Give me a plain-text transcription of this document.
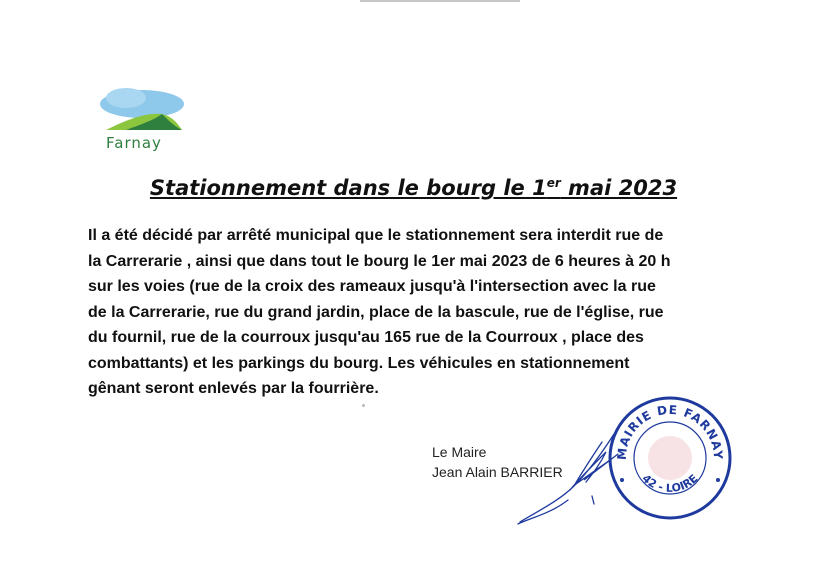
Farnay
Stationnement dans le bourg le 1er mai 2023
Il a été décidé par arrêté municipal que le stationnement sera interdit rue de
la Carrerarie , ainsi que dans tout le bourg le 1er mai 2023 de 6 heures à 20 h
sur les voies (rue de la croix des rameaux jusqu'à l'intersection avec la rue
de la Carrerarie, rue du grand jardin, place de la bascule, rue de l'église, rue
du fournil, rue de la courroux jusqu'au 165 rue de la Courroux , place des
combattants) et les parkings du bourg. Les véhicules en stationnement
gênant seront enlevés par la fourrière.
Le Maire
Jean Alain BARRIER
MAIRIE DE FARNAY
42 - LOIRE
